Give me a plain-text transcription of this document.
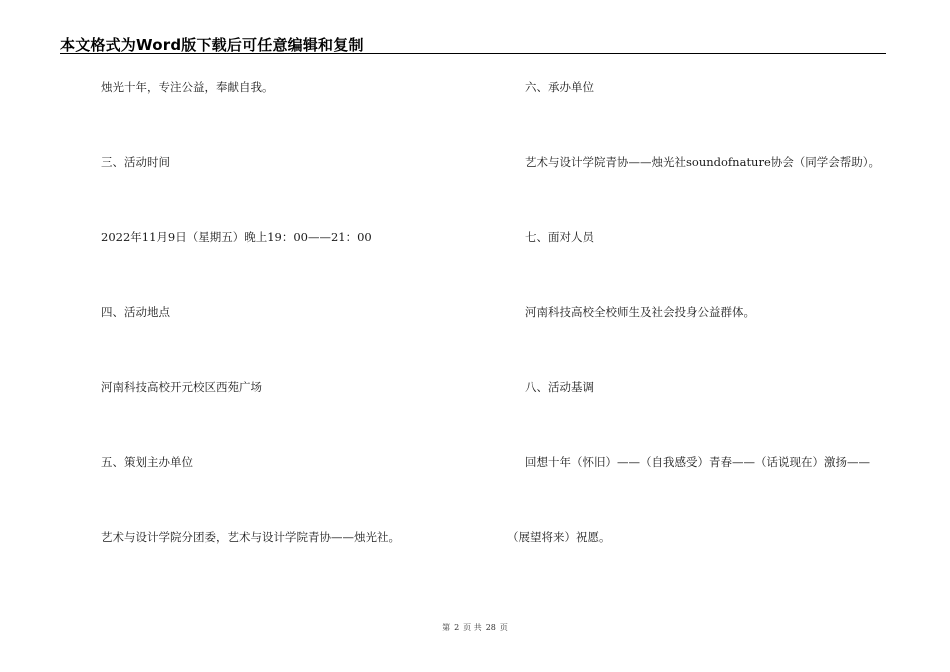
本文格式为Word版下载后可任意编辑和复制
烛光十年，专注公益，奉献自我。
三、活动时间
2022年11月9日（星期五）晚上19：00——21：00
四、活动地点
河南科技高校开元校区西苑广场
五、策划主办单位
艺术与设计学院分团委，艺术与设计学院青协——烛光社。
六、承办单位
艺术与设计学院青协——烛光社soundofnature协会（同学会帮助）。
七、面对人员
河南科技高校全校师生及社会投身公益群体。
八、活动基调
回想十年（怀旧）——（自我感受）青春——（话说现在）激扬——
（展望将来）祝愿。
第 2 页 共 28 页
